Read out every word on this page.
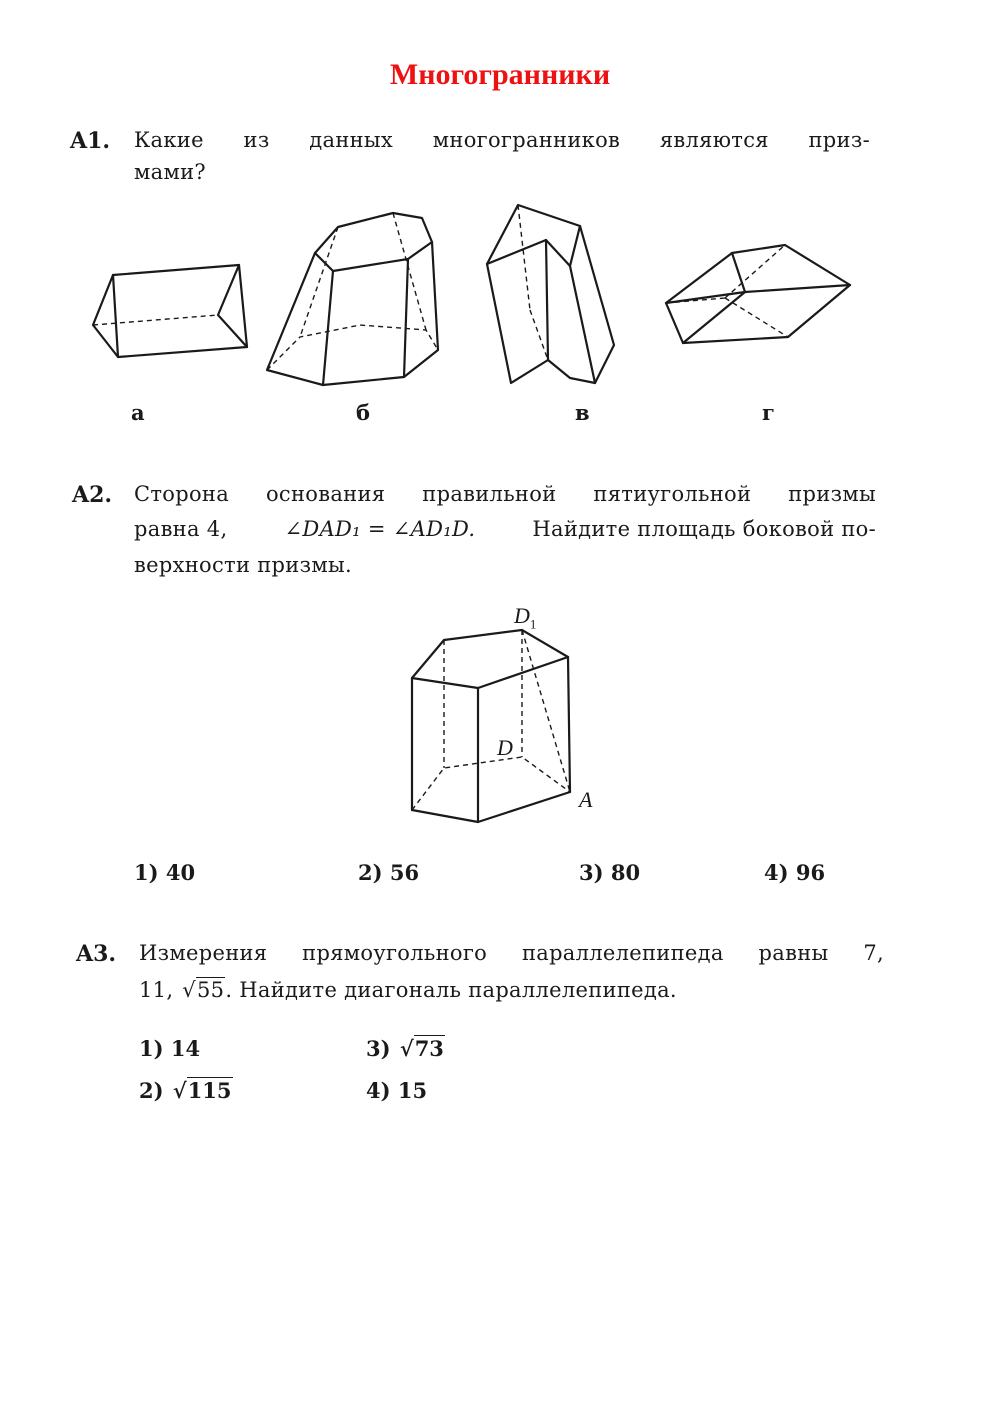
Многогранники
A1. Какие из данных многогранников являются приз-
мами?
а	б	в	г
A2. Сторона основания правильной пятиугольной призмы
равна 4,	∠DAD₁ = ∠AD₁D.	Найдите площадь боковой по-
верхности призмы.
$D_1$
D
A
1) 40	2) 56	3) 80	4) 96
A3. Измерения прямоугольного параллелепипеда равны 7,
11, √55. Найдите диагональ параллелепипеда.
1) 14
2) √115
3) √73
4) 15
